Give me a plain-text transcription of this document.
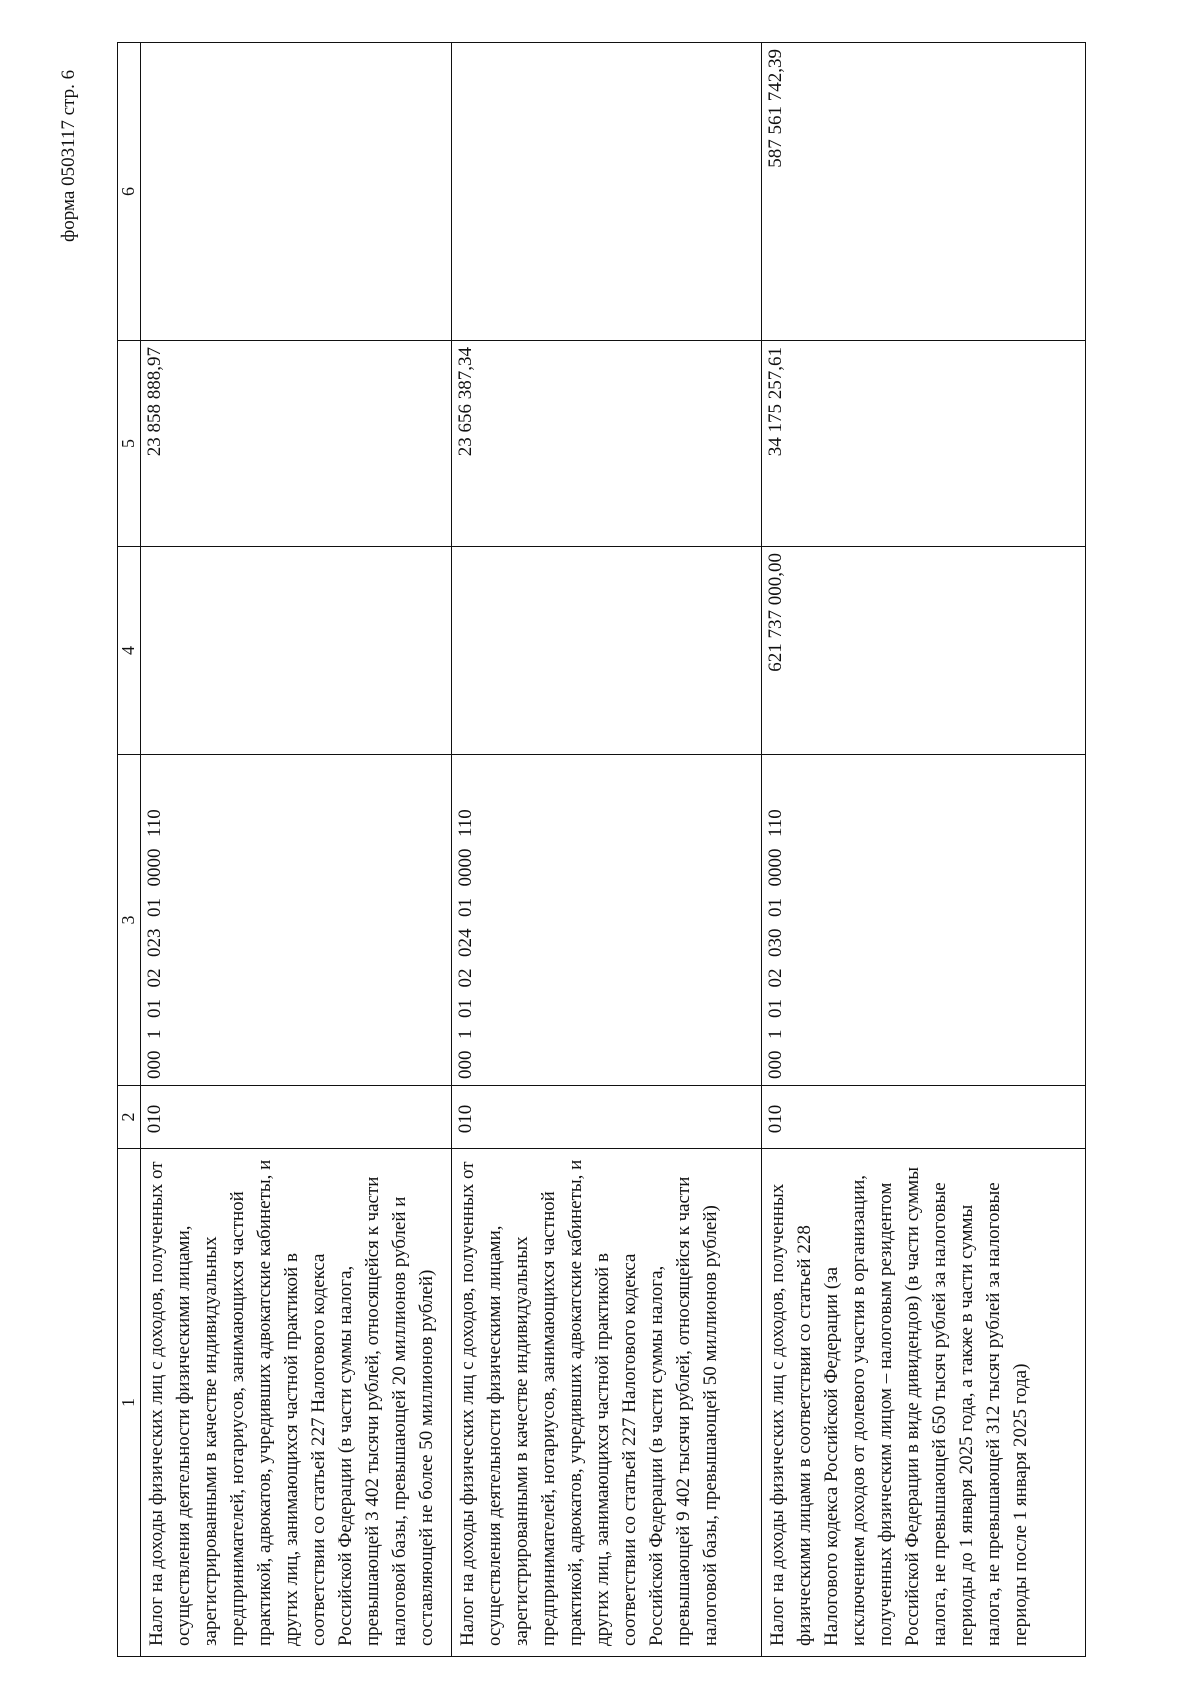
форма 0503117 стр. 6
1	2	3	4	5	6
Налог на доходы физических лиц с доходов, полученных от осуществления деятельности физическими лицами, зарегистрированными в качестве индивидуальных предпринимателей, нотариусов, занимающихся частной практикой, адвокатов, учредивших адвокатские кабинеты, и других лиц, занимающихся частной практикой в соответствии со статьей 227 Налогового кодекса Российской Федерации (в части суммы налога, превышающей 3 402 тысячи рублей, относящейся к части налоговой базы, превышающей 20 миллионов рублей и составляющей не более 50 миллионов рублей)	010	000  1  01  02  023  01  0000  110		23 858 888,97	
Налог на доходы физических лиц с доходов, полученных от осуществления деятельности физическими лицами, зарегистрированными в качестве индивидуальных предпринимателей, нотариусов, занимающихся частной практикой, адвокатов, учредивших адвокатские кабинеты, и других лиц, занимающихся частной практикой в соответствии со статьей 227 Налогового кодекса Российской Федерации (в части суммы налога, превышающей 9 402 тысячи рублей, относящейся к части налоговой базы, превышающей 50 миллионов рублей)	010	000  1  01  02  024  01  0000  110		23 656 387,34	
Налог на доходы физических лиц с доходов, полученных физическими лицами в соответствии со статьей 228 Налогового кодекса Российской Федерации (за исключением доходов от долевого участия в организации, полученных физическим лицом – налоговым резидентом Российской Федерации в виде дивидендов) (в части суммы налога, не превышающей 650 тысяч рублей за налоговые периоды до 1 января 2025 года, а также в части суммы налога, не превышающей 312 тысяч рублей за налоговые периоды после 1 января 2025 года)	010	000  1  01  02  030  01  0000  110	621 737 000,00	34 175 257,61	587 561 742,39
